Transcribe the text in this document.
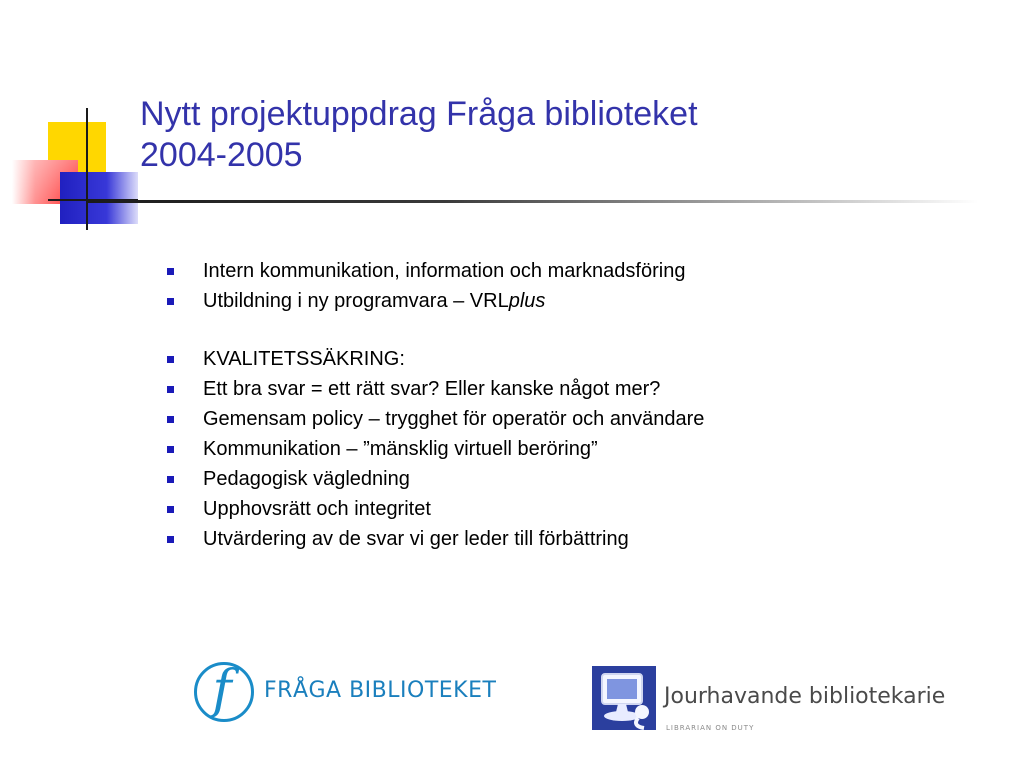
Nytt projektuppdrag Fråga biblioteket
2004-2005
Intern kommunikation, information och marknadsföring
Utbildning i ny programvara – VRLplus
KVALITETSSÄKRING:
Ett bra svar = ett rätt svar? Eller kanske något mer?
Gemensam policy – trygghet för operatör och användare
Kommunikation – ”mänsklig virtuell beröring”
Pedagogisk vägledning
Upphovsrätt och integritet
Utvärdering av de svar vi ger leder till förbättring
f	FRÅGA BIBLIOTEKET	Jourhavande bibliotekarie
LIBRARIAN ON DUTY
